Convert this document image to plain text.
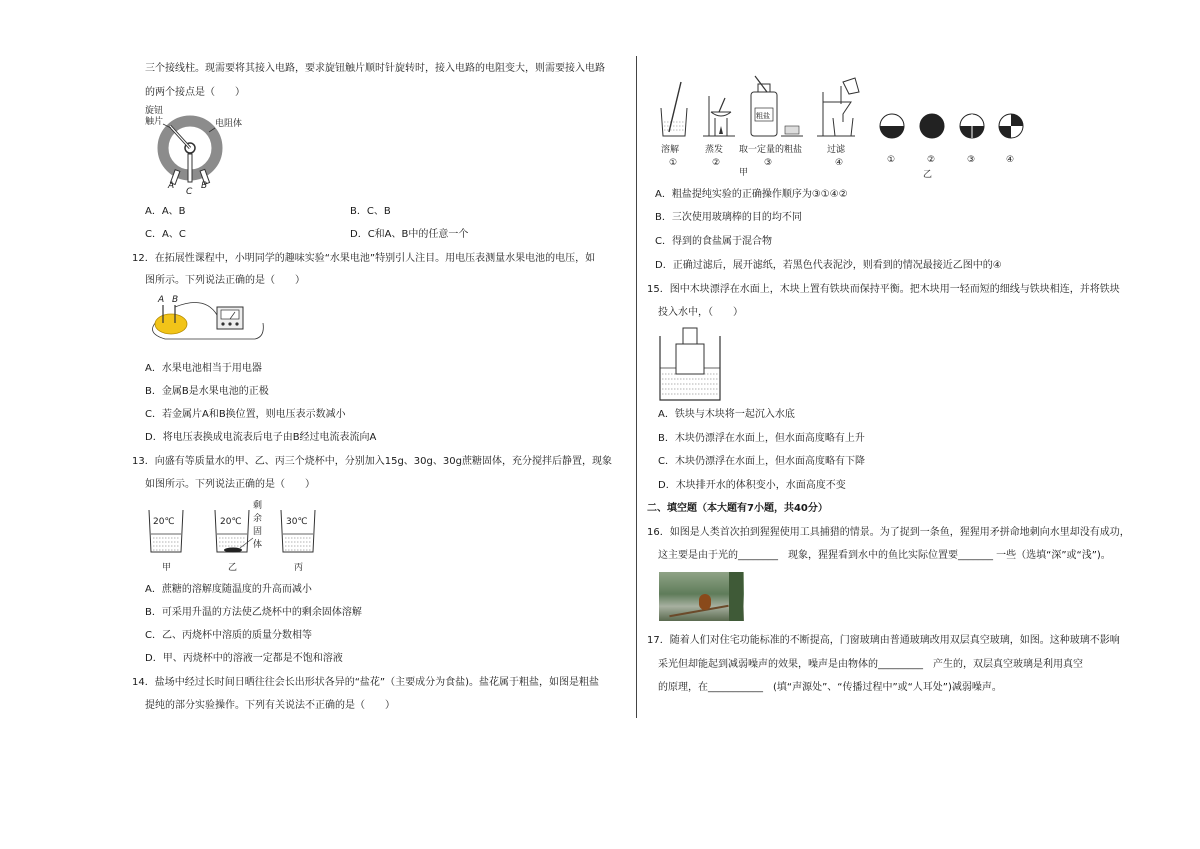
三个接线柱。现需要将其接入电路，要求旋钮触片顺时针旋转时，接入电路的电阻变大，则需要接入电路
的两个接点是（　　）
旋钮
触片	电阻体
A
C
B
A．A、B	B．C、B
C．A、C	D．C和A、B中的任意一个
12．在拓展性课程中，小明同学的趣味实验“水果电池”特别引人注目。用电压表测量水果电池的电压，如
图所示。下列说法正确的是（　　）
A B
A．水果电池相当于用电器
B．金属B是水果电池的正极
C．若金属片A和B换位置，则电压表示数减小
D．将电压表换成电流表后电子由B经过电流表流向A
13．向盛有等质量水的甲、乙、丙三个烧杯中，分别加入15g、30g、30g蔗糖固体，充分搅拌后静置，现象
如图所示。下列说法正确的是（　　）
20℃	20℃	30℃
剩
余
固
体
甲	乙	丙
A．蔗糖的溶解度随温度的升高而减小
B．可采用升温的方法使乙烧杯中的剩余固体溶解
C．乙、丙烧杯中溶质的质量分数相等
D．甲、丙烧杯中的溶液一定都是不饱和溶液
14．盐场中经过长时间日晒往往会长出形状各异的“盐花”（主要成分为食盐)。盐花属于粗盐，如图是粗盐
提纯的部分实验操作。下列有关说法不正确的是（　　）
粗盐
溶解	蒸发 取一定量的粗盐	过滤
①	②	③	④	①	②	③	④
甲	乙
A．粗盐提纯实验的正确操作顺序为③①④②
B．三次使用玻璃棒的目的均不同
C．得到的食盐属于混合物
D．正确过滤后，展开滤纸，若黑色代表泥沙，则看到的情况最接近乙图中的④
15．图中木块漂浮在水面上，木块上置有铁块而保持平衡。把木块用一轻而短的细线与铁块相连，并将铁块
投入水中，（　　）
A．铁块与木块将一起沉入水底
B．木块仍漂浮在水面上，但水面高度略有上升
C．木块仍漂浮在水面上，但水面高度略有下降
D．木块排开水的体积变小，水面高度不变
二、填空题（本大题有7小题，共40分）
16．如图是人类首次拍到猩猩使用工具捕猎的情景。为了捉到一条鱼，猩猩用矛拼命地刺向水里却没有成功，
这主要是由于光的________　现象，猩猩看到水中的鱼比实际位置要_______ 一些（选填“深”或“浅”)。
17．随着人们对住宅功能标准的不断提高，门窗玻璃由普通玻璃改用双层真空玻璃，如图。这种玻璃不影响
采光但却能起到减弱噪声的效果，噪声是由物体的_________　产生的，双层真空玻璃是利用真空
的原理，在___________　(填“声源处”、“传播过程中”或“人耳处”)减弱噪声。
